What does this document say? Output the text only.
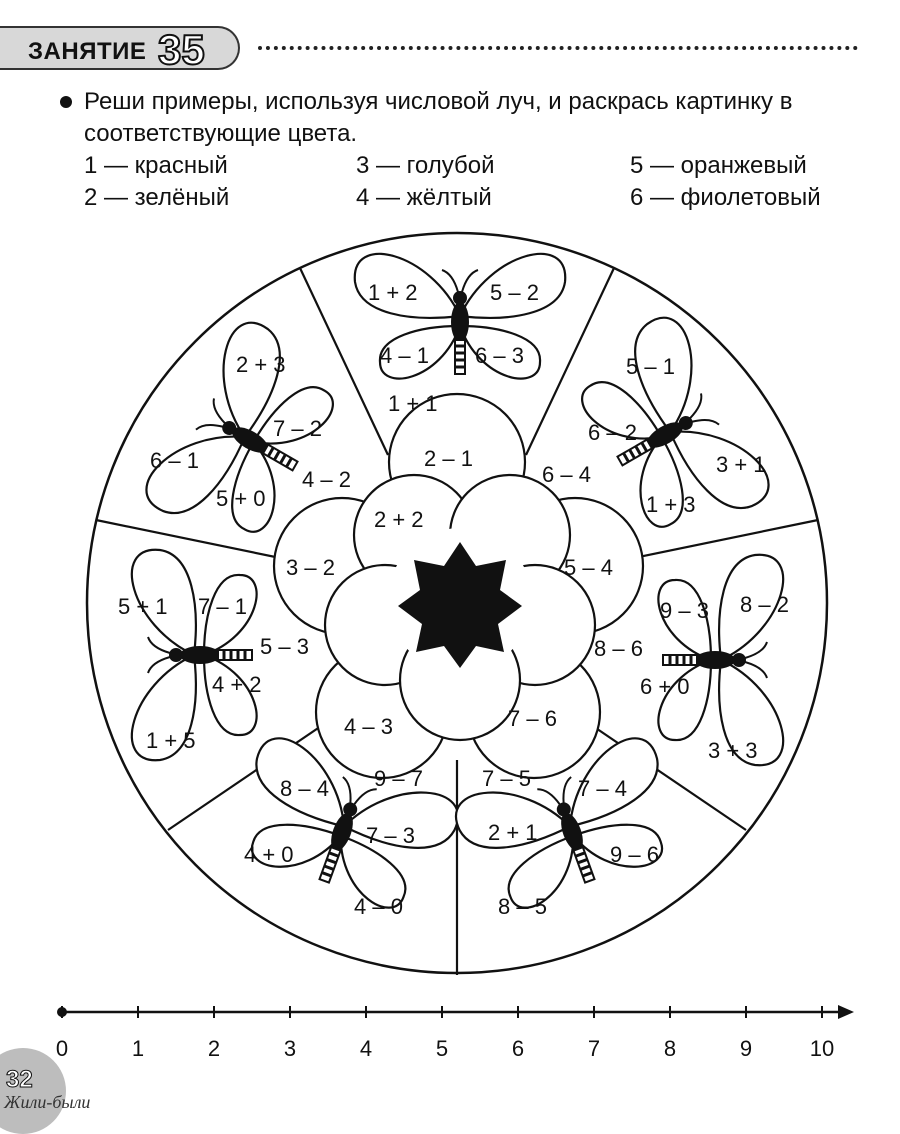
ЗАНЯТИЕ 35
Реши примеры, используя числовой луч, и раскрась картинку в соответствующие цвета.
1 — красный
2 — зелёный
3 — голубой
4 — жёлтый
5 — оранжевый
6 — фиолетовый
1 + 2	5 – 2
4 – 1 6 – 3
1 + 1
2 + 3
7 – 2
6 – 1
5 + 0
4 – 2
5 – 1
6 – 2
3 + 1
1 + 3
6 – 4
5 + 1 7 – 1
5 – 3
4 + 2
1 + 5
9 – 3 8 – 2
8 – 6
6 + 0
3 + 3
8 – 4 9 – 7
7 – 3
4 + 0
4 – 0
7 – 5 7 – 4
2 + 1
9 – 6
8 – 5
2 – 1
2 + 2
3 – 2	5 – 4
4 – 3	7 – 6
0	1	2	3	4	5	6	7	8	9	10
32
Жили-были
